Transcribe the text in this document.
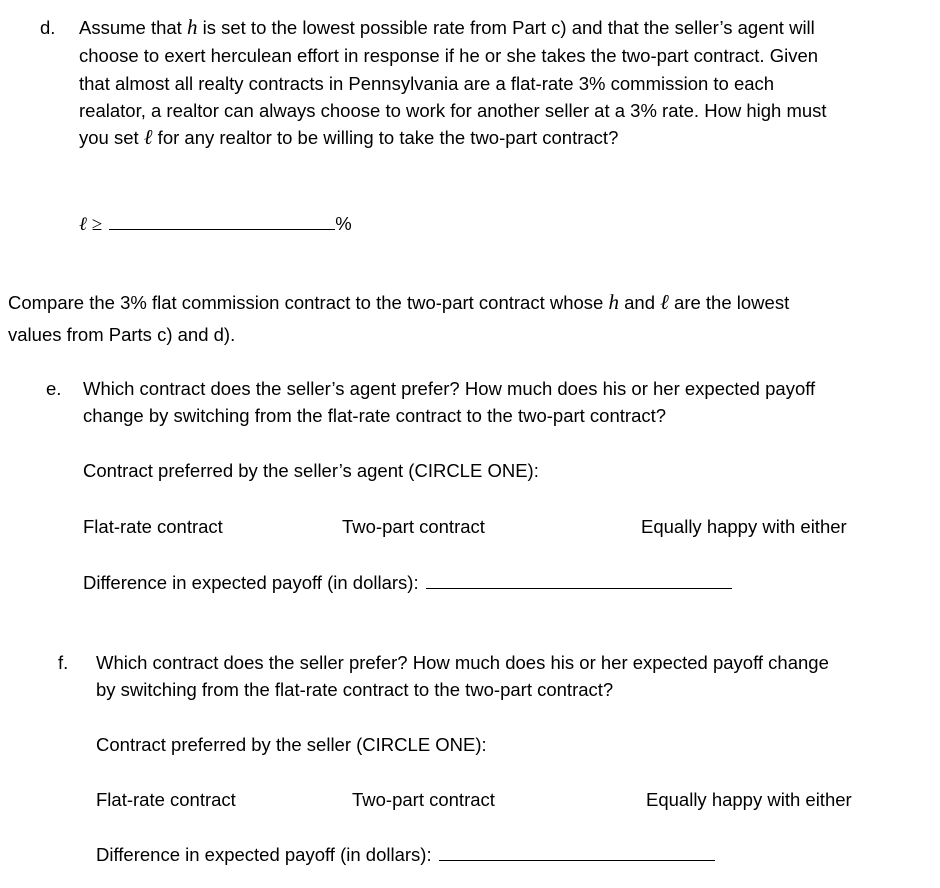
d. Assume that h is set to the lowest possible rate from Part c) and that the seller’s agent will
choose to exert herculean effort in response if he or she takes the two-part contract. Given
that almost all realty contracts in Pennsylvania are a flat-rate 3% commission to each
realator, a realtor can always choose to work for another seller at a 3% rate. How high must
you set ℓ for any realtor to be willing to take the two-part contract?
ℓ ≥	%
Compare the 3% flat commission contract to the two-part contract whose h and ℓ are the lowest
values from Parts c) and d).
e. Which contract does the seller’s agent prefer? How much does his or her expected payoff
change by switching from the flat-rate contract to the two-part contract?
Contract preferred by the seller’s agent (CIRCLE ONE):
Flat-rate contract	Two-part contract	Equally happy with either
Difference in expected payoff (in dollars):
f. Which contract does the seller prefer? How much does his or her expected payoff change
by switching from the flat-rate contract to the two-part contract?
Contract preferred by the seller (CIRCLE ONE):
Flat-rate contract	Two-part contract	Equally happy with either
Difference in expected payoff (in dollars):
